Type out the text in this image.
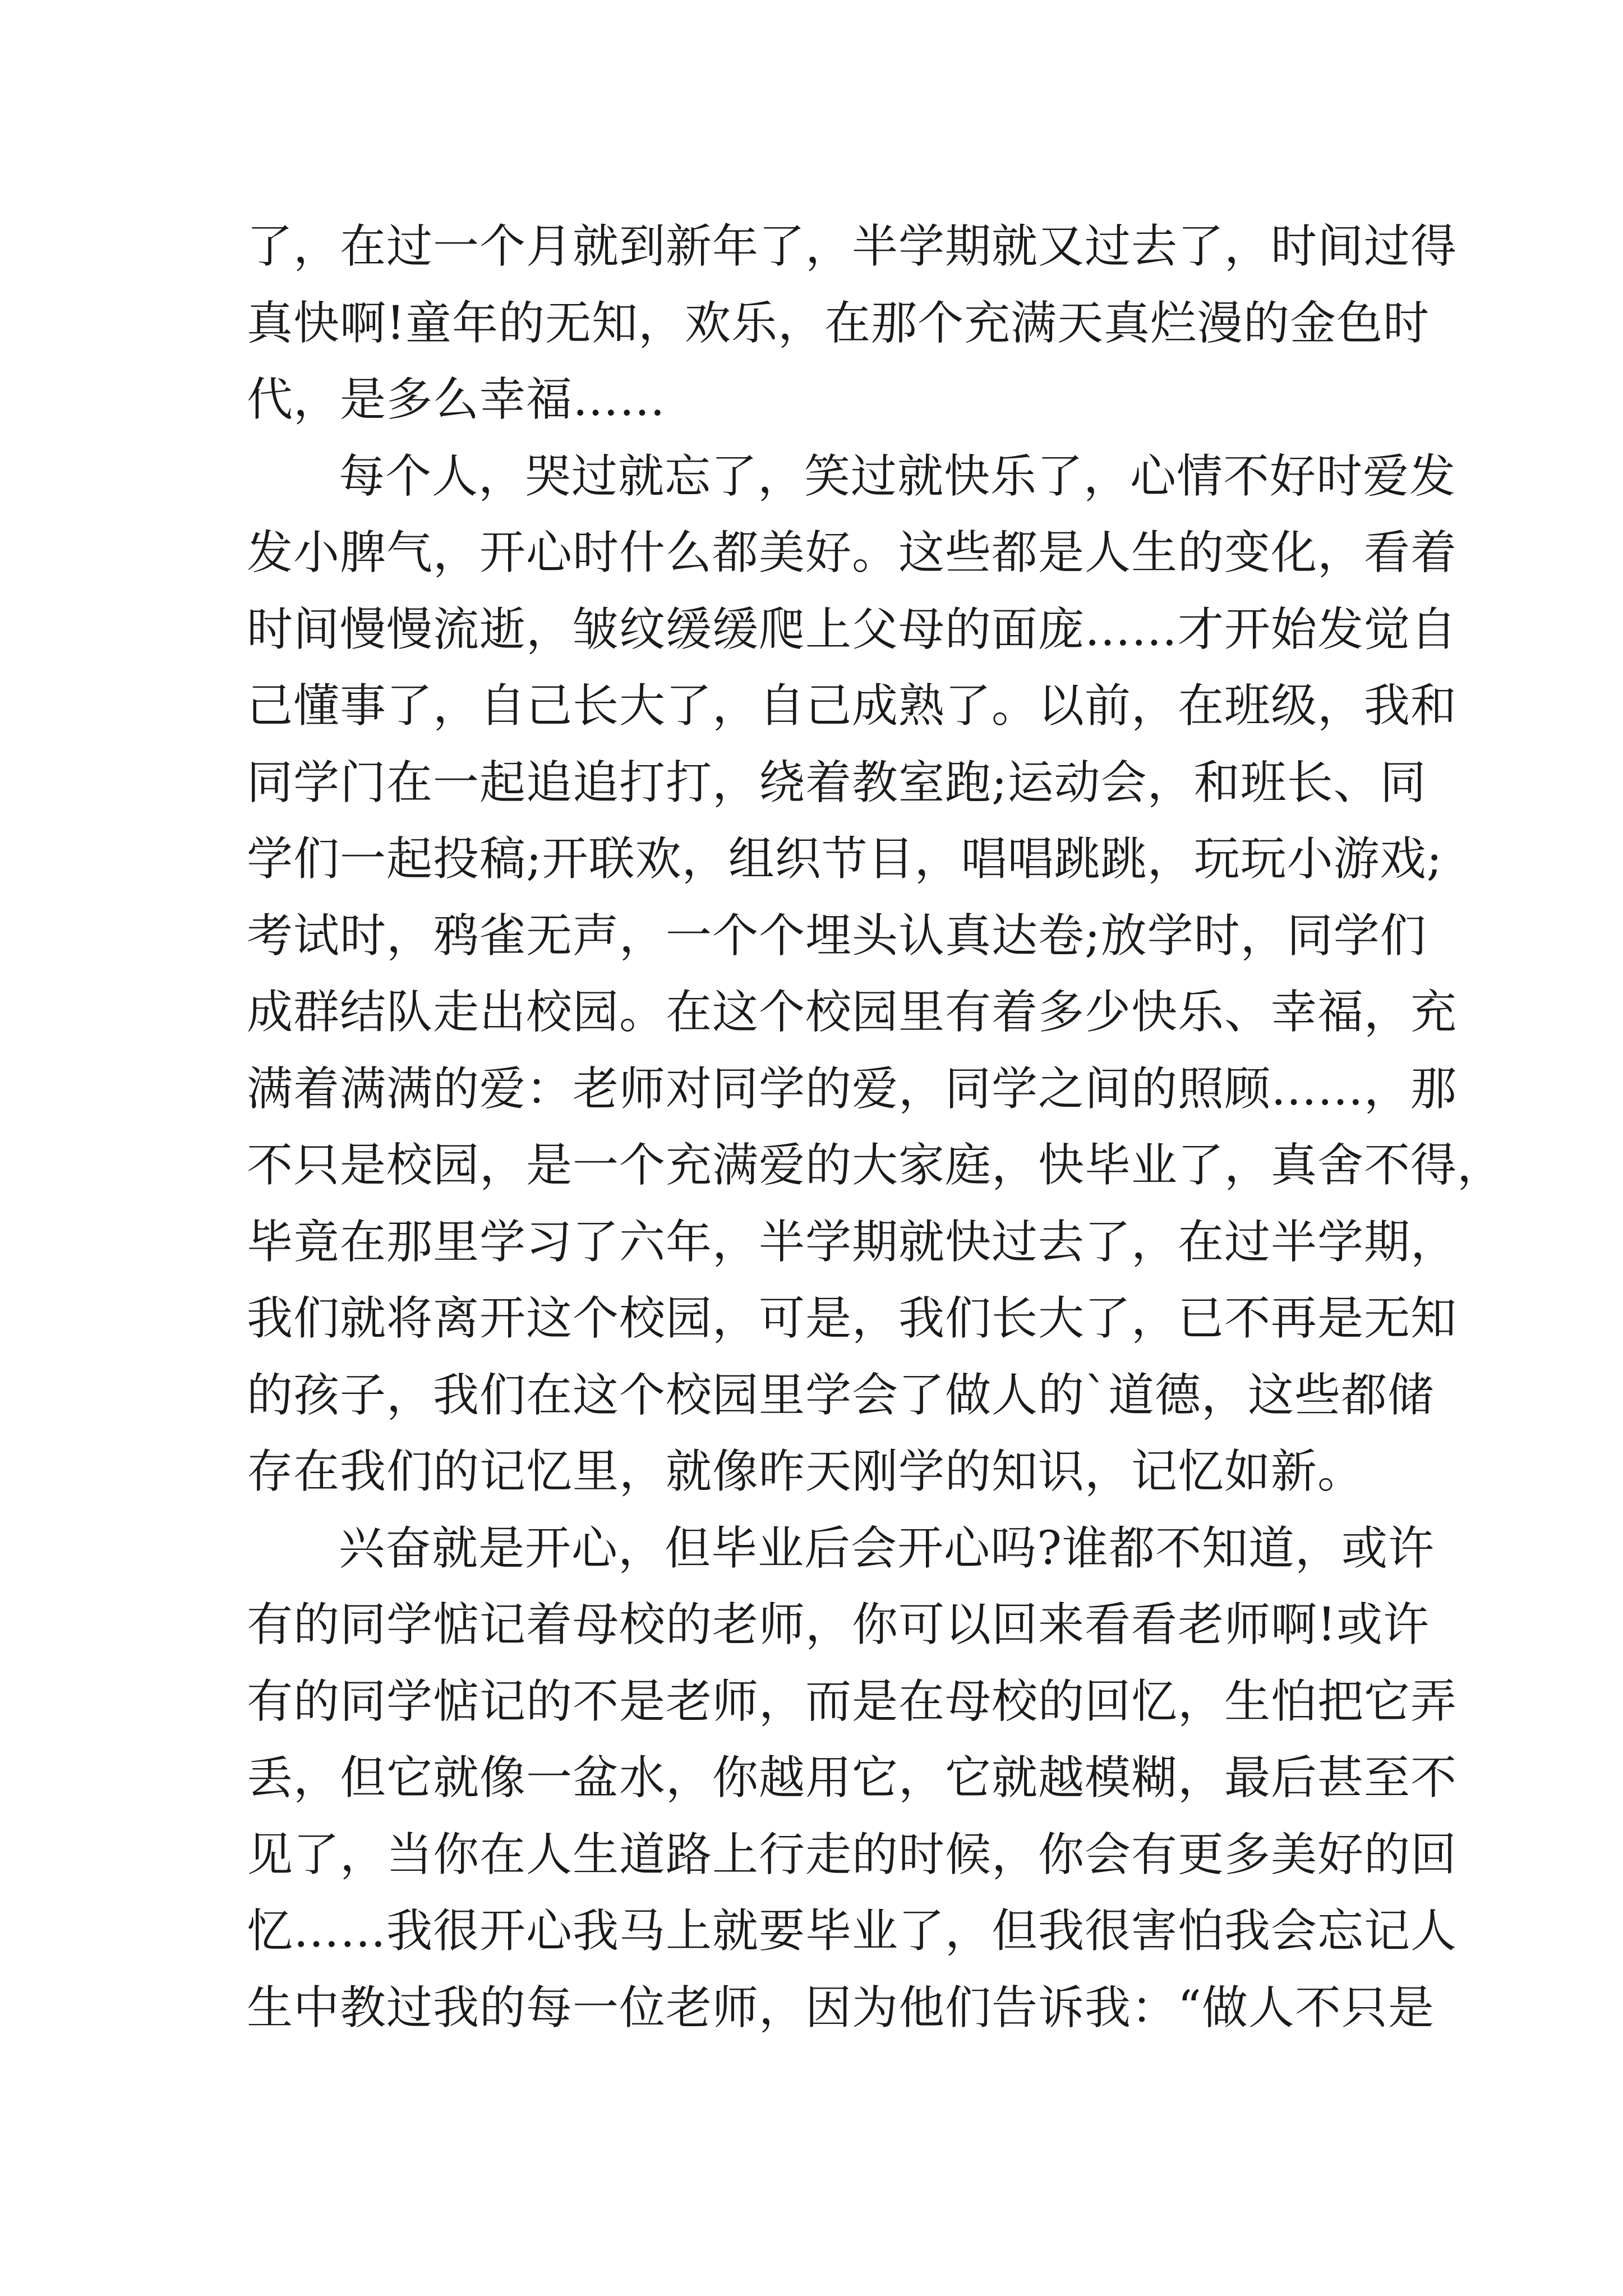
了，在过一个月就到新年了，半学期就又过去了，时间过得
真快啊!童年的无知，欢乐，在那个充满天真烂漫的金色时
代，是多么幸福……
每个人，哭过就忘了，笑过就快乐了，心情不好时爱发
发小脾气，开心时什么都美好。这些都是人生的变化，看着
时间慢慢流逝，皱纹缓缓爬上父母的面庞……才开始发觉自
己懂事了，自己长大了，自己成熟了。以前，在班级，我和
同学门在一起追追打打，绕着教室跑;运动会，和班长、同
学们一起投稿;开联欢，组织节目，唱唱跳跳，玩玩小游戏;
考试时，鸦雀无声，一个个埋头认真达卷;放学时，同学们
成群结队走出校园。在这个校园里有着多少快乐、幸福，充
满着满满的爱：老师对同学的爱，同学之间的照顾……，那
不只是校园，是一个充满爱的大家庭，快毕业了，真舍不得，
毕竟在那里学习了六年，半学期就快过去了，在过半学期，
我们就将离开这个校园，可是，我们长大了，已不再是无知
的孩子，我们在这个校园里学会了做人的`道德，这些都储
存在我们的记忆里，就像昨天刚学的知识，记忆如新。
兴奋就是开心，但毕业后会开心吗?谁都不知道，或许
有的同学惦记着母校的老师，你可以回来看看老师啊!或许
有的同学惦记的不是老师，而是在母校的回忆，生怕把它弄
丢，但它就像一盆水，你越用它，它就越模糊，最后甚至不
见了，当你在人生道路上行走的时候，你会有更多美好的回
忆……我很开心我马上就要毕业了，但我很害怕我会忘记人
生中教过我的每一位老师，因为他们告诉我：“做人不只是
